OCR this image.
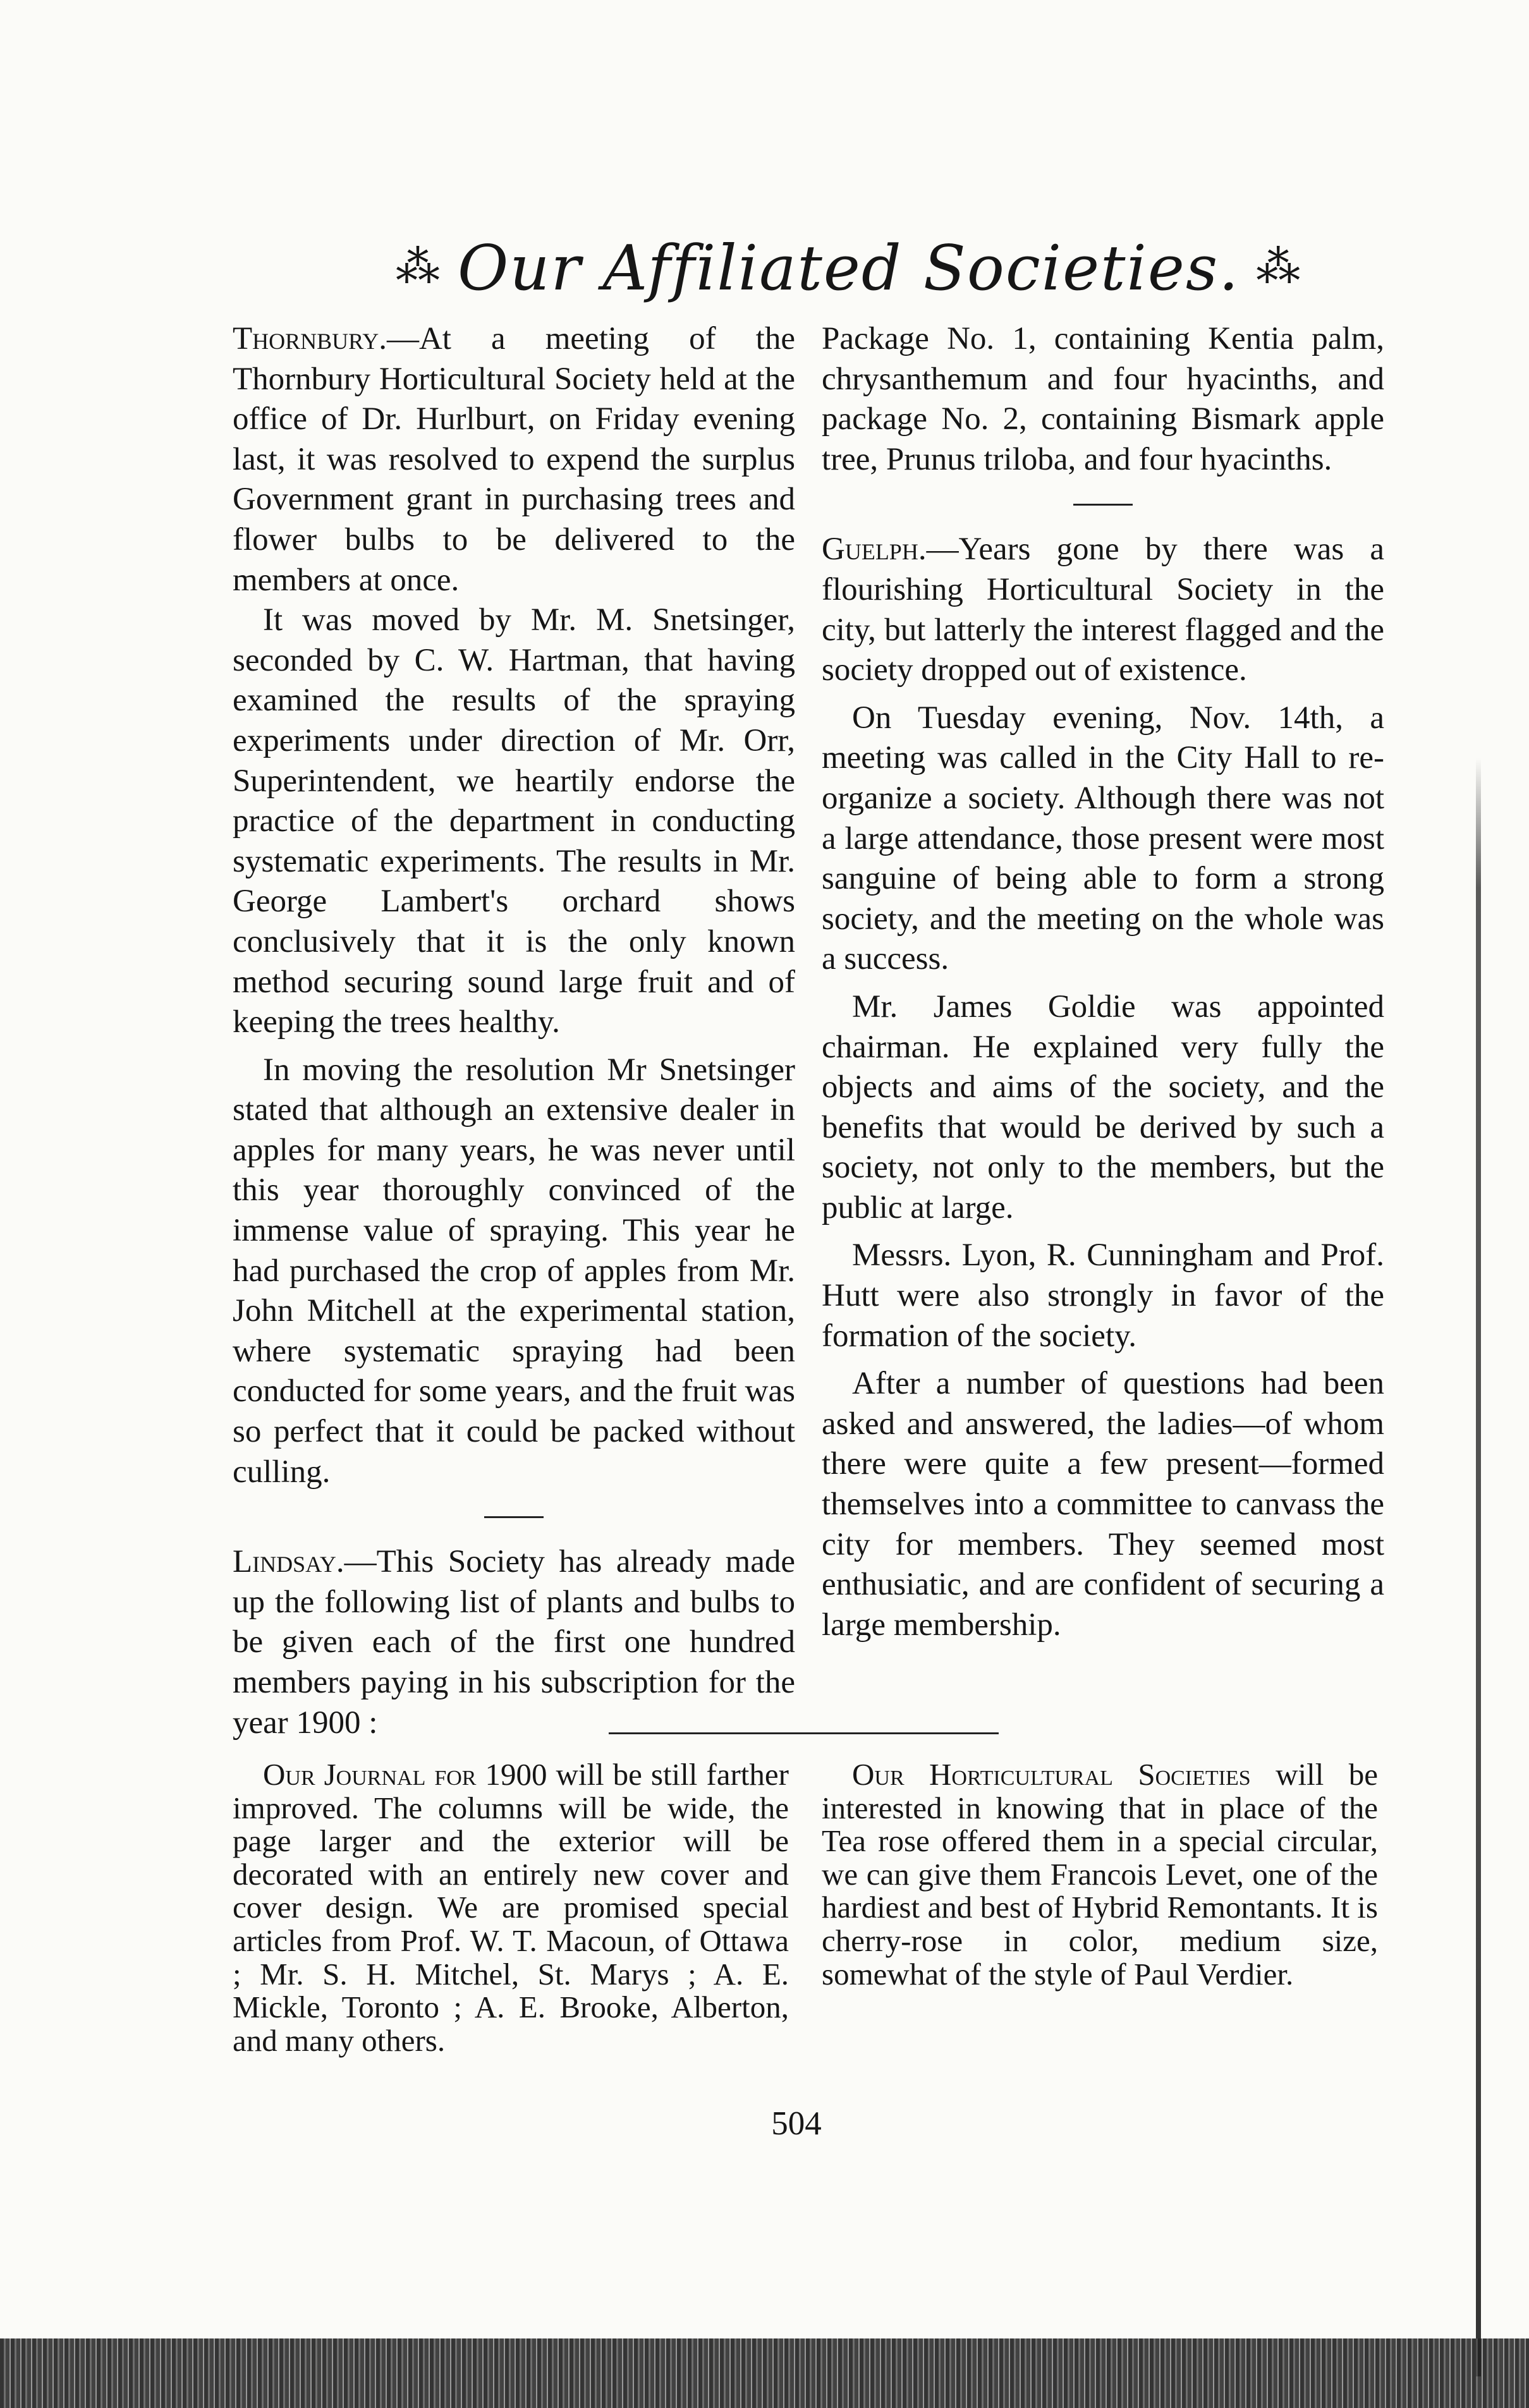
⁂ Our Affiliated Societies. ⁂

Thornbury.—At a meeting of the Thornbury Horticultural Society held at the office of Dr. Hurlburt, on Friday evening last, it was resolved to expend the surplus Government grant in purchasing trees and flower bulbs to be delivered to the members at once.

It was moved by Mr. M. Snetsinger, seconded by C. W. Hartman, that having examined the results of the spraying experiments under direction of Mr. Orr, Superintendent, we heartily endorse the practice of the department in conducting systematic experiments. The results in Mr. George Lambert's orchard shows conclusively that it is the only known method securing sound large fruit and of keeping the trees healthy.

In moving the resolution Mr Snetsinger stated that although an extensive dealer in apples for many years, he was never until this year thoroughly convinced of the immense value of spraying. This year he had purchased the crop of apples from Mr. John Mitchell at the experimental station, where systematic spraying had been conducted for some years, and the fruit was so perfect that it could be packed without culling.

Lindsay.—This Society has already made up the following list of plants and bulbs to be given each of the first one hundred members paying in his subscription for the year 1900 :

Package No. 1, containing Kentia palm, chrysanthemum and four hyacinths, and package No. 2, containing Bismark apple tree, Prunus triloba, and four hyacinths.

Guelph.—Years gone by there was a flourishing Horticultural Society in the city, but latterly the interest flagged and the society dropped out of existence.

On Tuesday evening, Nov. 14th, a meeting was called in the City Hall to re-organize a society. Although there was not a large attendance, those present were most sanguine of being able to form a strong society, and the meeting on the whole was a success.

Mr. James Goldie was appointed chairman. He explained very fully the objects and aims of the society, and the benefits that would be derived by such a society, not only to the members, but the public at large.

Messrs. Lyon, R. Cunningham and Prof. Hutt were also strongly in favor of the formation of the society.

After a number of questions had been asked and answered, the ladies—of whom there were quite a few present—formed themselves into a committee to canvass the city for members. They seemed most enthusiatic, and are confident of securing a large membership.

Our Journal for 1900 will be still farther improved. The columns will be wide, the page larger and the exterior will be decorated with an entirely new cover and cover design. We are promised special articles from Prof. W. T. Macoun, of Ottawa ; Mr. S. H. Mitchel, St. Marys ; A. E. Mickle, Toronto ; A. E. Brooke, Alberton, and many others.

Our Horticultural Societies will be interested in knowing that in place of the Tea rose offered them in a special circular, we can give them Francois Levet, one of the hardiest and best of Hybrid Remontants. It is cherry-rose in color, medium size, somewhat of the style of Paul Verdier.

504
